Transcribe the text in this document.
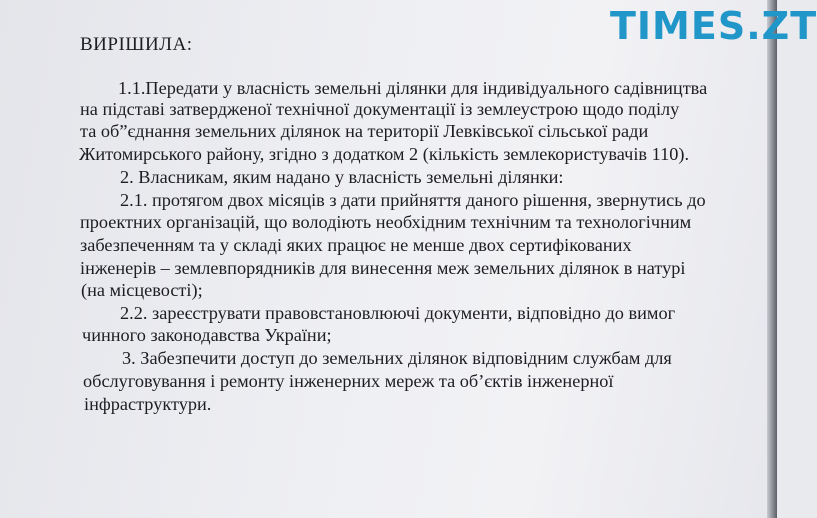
TIMES.ZT
ВИРІШИЛА:
1.1.Передати у власність земельні ділянки для індивідуального садівництва
на підставі затвердженої технічної документації із землеустрою щодо поділу
та об”єднання земельних ділянок на території Левківської сільської ради
Житомирського району, згідно з додатком 2 (кількість землекористувачів 110).
2. Власникам, яким надано у власність земельні ділянки:
2.1. протягом двох місяців з дати прийняття даного рішення, звернутись до
проектних організацій, що володіють необхідним технічним та технологічним
забезпеченням та у складі яких працює не менше двох сертифікованих
інженерів – землевпорядників для винесення меж земельних ділянок в натурі
(на місцевості);
2.2. зареєструвати правовстановлюючі документи, відповідно до вимог
чинного законодавства України;
3. Забезпечити доступ до земельних ділянок відповідним службам для
обслуговування і ремонту інженерних мереж та об’єктів інженерної
інфраструктури.
